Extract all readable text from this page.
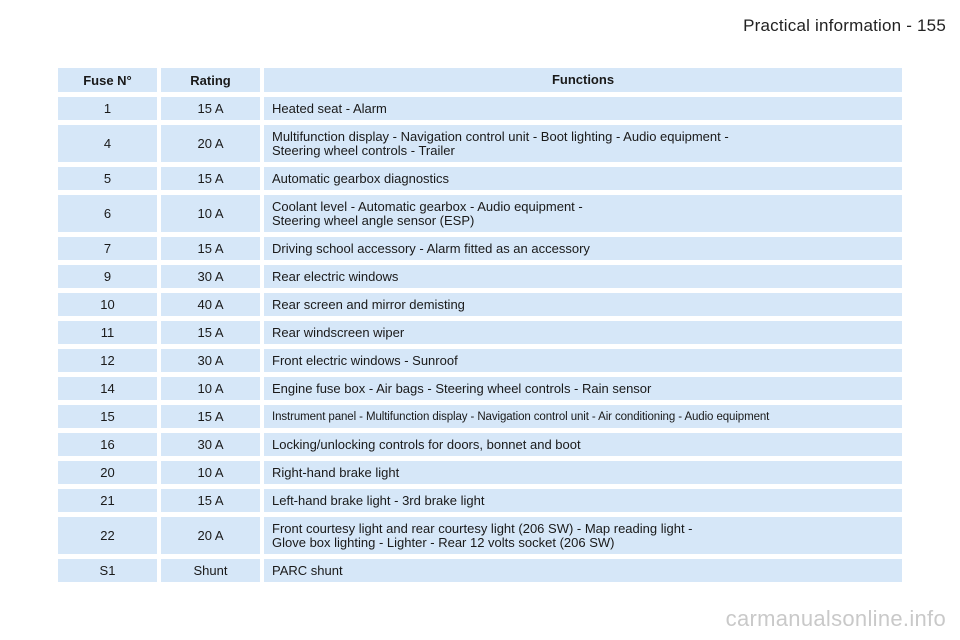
Practical information - 155
Fuse N°	Rating	Functions
1	15 A	Heated seat - Alarm
4	20 A	Multifunction display - Navigation control unit - Boot lighting - Audio equipment -
Steering wheel controls - Trailer
5	15 A	Automatic gearbox diagnostics
6	10 A	Coolant level - Automatic gearbox - Audio equipment -
Steering wheel angle sensor (ESP)
7	15 A	Driving school accessory - Alarm fitted as an accessory
9	30 A	Rear electric windows
10	40 A	Rear screen and mirror demisting
11	15 A	Rear windscreen wiper
12	30 A	Front electric windows - Sunroof
14	10 A	Engine fuse box - Air bags - Steering wheel controls - Rain sensor
15	15 A	Instrument panel - Multifunction display - Navigation control unit - Air conditioning - Audio equipment
16	30 A	Locking/unlocking controls for doors, bonnet and boot
20	10 A	Right-hand brake light
21	15 A	Left-hand brake light - 3rd brake light
22	20 A	Front courtesy light and rear courtesy light (206 SW) - Map reading light -
Glove box lighting - Lighter - Rear 12 volts socket (206 SW)
S1	Shunt	PARC shunt
carmanualsonline.info
